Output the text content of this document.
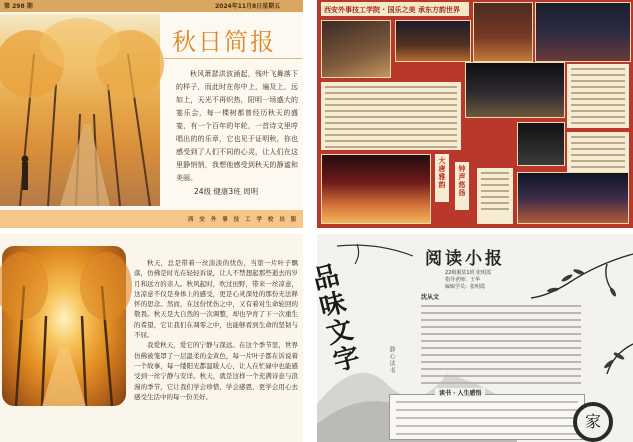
第 298 期	2024年11月8日星期五
秋日简报

秋风萧瑟洪波涌起，残叶飞舞落下的样子，而此时在你中上，遍及上，远如上，天光不再炽热，阳明一场盛大的宴乐会，每一棵树都曾经历秋天的盛宴，有一个百年的年轮，一首诗文里哼唱出的的乐章，它也见于证明秋，你也感受到了人们不同的心灵，让人们在这里静悄悄，我想他感受到秋天的静谧和美丽。

24级 健康3班 周明
西 安 外 事 技 工 学 校 出 版
西安外事技工学院 · 国乐之美 承东方韵世界
大唐雅韵	钟声悠扬

秋天，总是带着一丝淡淡的忧伤，当第一片叶子飘落，仿佛是时光在轻轻诉说，让人不禁想起那些逝去的岁月和远方的亲人。秋风起时，吹过田野，带来一丝凉意，这凉意不仅是身体上的感受，更是心灵深处的那份无法释怀的思念。然而，在这份忧伤之中，又有着对生命轮回的敬畏。秋天是大自然的一次调整，却也孕育了下一次重生的希望，它让我们在凋零之中，也能够看到生命的坚韧与不屈。

我爱秋天，爱它的宁静与深远。在这个季节里，世界仿佛被笼罩了一层温柔的金黄色，每一片叶子都在诉说着一个故事，每一缕阳光都温暖人心，让人在忙碌中也能感受到一丝宁静与安详。秋天，就是这样一个充满诗意与浪漫的季节，它让我们学会珍惜，学会感恩，更学会用心去感受生活中的每一份美好。

品
味
文
字	静心读书
阅读小报
22级服装1班 张明霞
指导老师：王华
编辑学员：张明霞
沈从文
读书 · 人生感悟
家
